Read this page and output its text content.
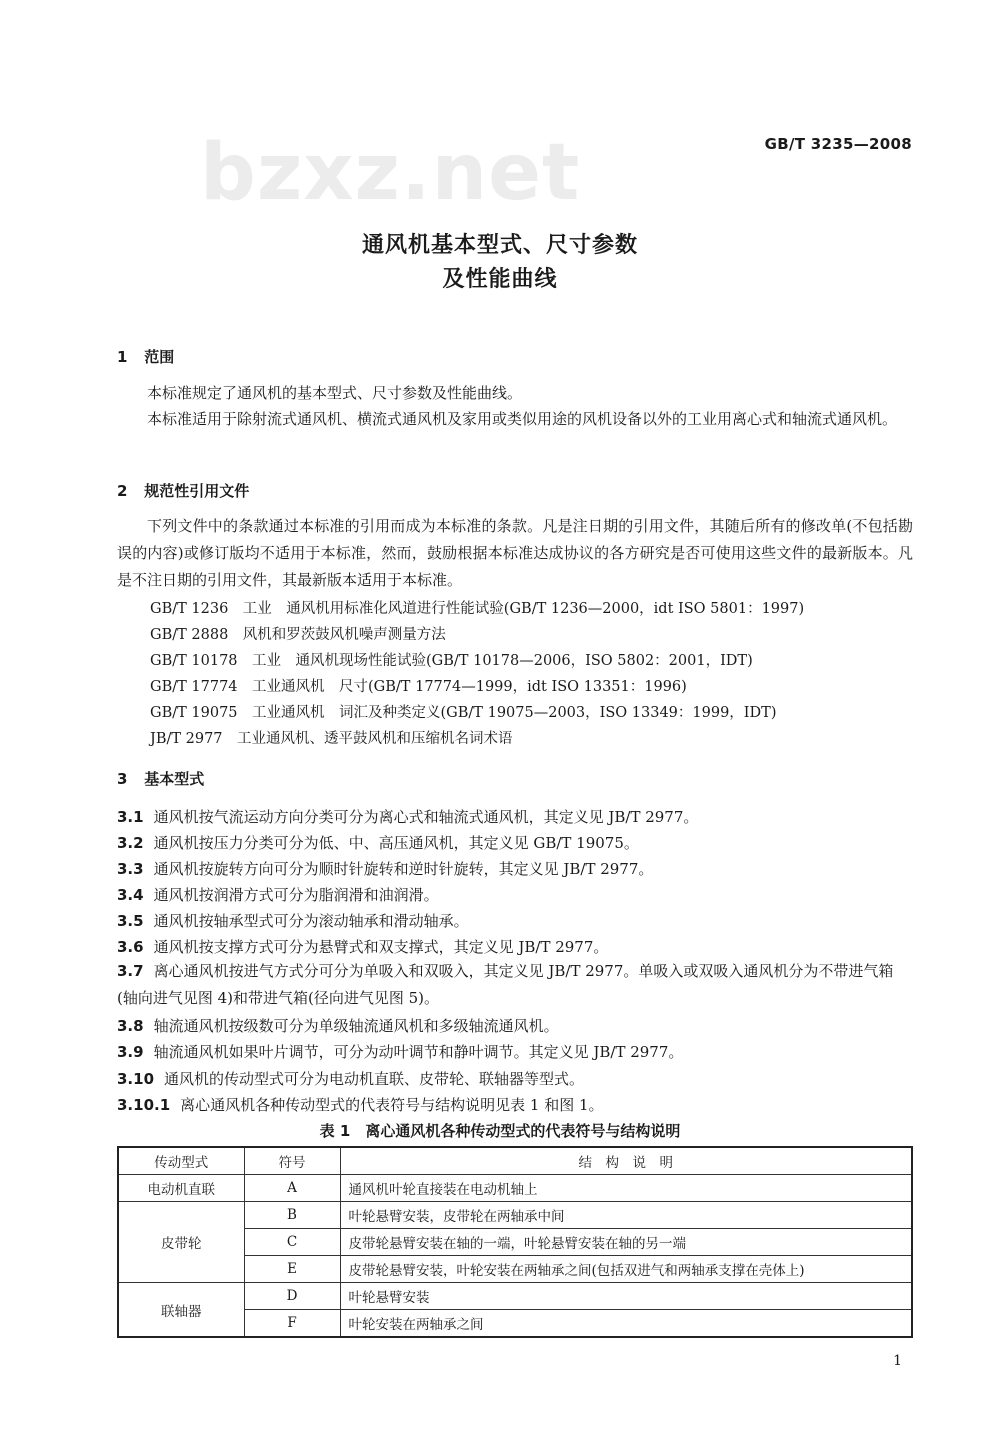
bzxz.net	GB/T 3235—2008
通风机基本型式、尺寸参数
及性能曲线
1 范围
本标准规定了通风机的基本型式、尺寸参数及性能曲线。
本标准适用于除射流式通风机、横流式通风机及家用或类似用途的风机设备以外的工业用离心式和轴流式通风机。
2 规范性引用文件
下列文件中的条款通过本标准的引用而成为本标准的条款。凡是注日期的引用文件，其随后所有的修改单(不包括勘误的内容)或修订版均不适用于本标准，然而，鼓励根据本标准达成协议的各方研究是否可使用这些文件的最新版本。凡是不注日期的引用文件，其最新版本适用于本标准。
GB/T 1236　工业　通风机用标准化风道进行性能试验(GB/T 1236—2000，idt ISO 5801：1997)
GB/T 2888　风机和罗茨鼓风机噪声测量方法
GB/T 10178　工业　通风机现场性能试验(GB/T 10178—2006，ISO 5802：2001，IDT)
GB/T 17774　工业通风机　尺寸(GB/T 17774—1999，idt ISO 13351：1996)
GB/T 19075　工业通风机　词汇及种类定义(GB/T 19075—2003，ISO 13349：1999，IDT)
JB/T 2977　工业通风机、透平鼓风机和压缩机名词术语
3 基本型式
3.1 通风机按气流运动方向分类可分为离心式和轴流式通风机，其定义见 JB/T 2977。
3.2 通风机按压力分类可分为低、中、高压通风机，其定义见 GB/T 19075。
3.3 通风机按旋转方向可分为顺时针旋转和逆时针旋转，其定义见 JB/T 2977。
3.4 通风机按润滑方式可分为脂润滑和油润滑。
3.5 通风机按轴承型式可分为滚动轴承和滑动轴承。
3.6 通风机按支撑方式可分为悬臂式和双支撑式，其定义见 JB/T 2977。
3.7 离心通风机按进气方式分可分为单吸入和双吸入，其定义见 JB/T 2977。单吸入或双吸入通风机分为不带进气箱(轴向进气见图 4)和带进气箱(径向进气见图 5)。
3.8 轴流通风机按级数可分为单级轴流通风机和多级轴流通风机。
3.9 轴流通风机如果叶片调节，可分为动叶调节和静叶调节。其定义见 JB/T 2977。
3.10 通风机的传动型式可分为电动机直联、皮带轮、联轴器等型式。
3.10.1 离心通风机各种传动型式的代表符号与结构说明见表 1 和图 1。
表 1　离心通风机各种传动型式的代表符号与结构说明
传动型式	符号	结　构　说　明
电动机直联	A	通风机叶轮直接装在电动机轴上
皮带轮	B	叶轮悬臂安装，皮带轮在两轴承中间
	C	皮带轮悬臂安装在轴的一端，叶轮悬臂安装在轴的另一端
	E	皮带轮悬臂安装，叶轮安装在两轴承之间(包括双进气和两轴承支撑在壳体上)
联轴器	D	叶轮悬臂安装
	F	叶轮安装在两轴承之间
1
